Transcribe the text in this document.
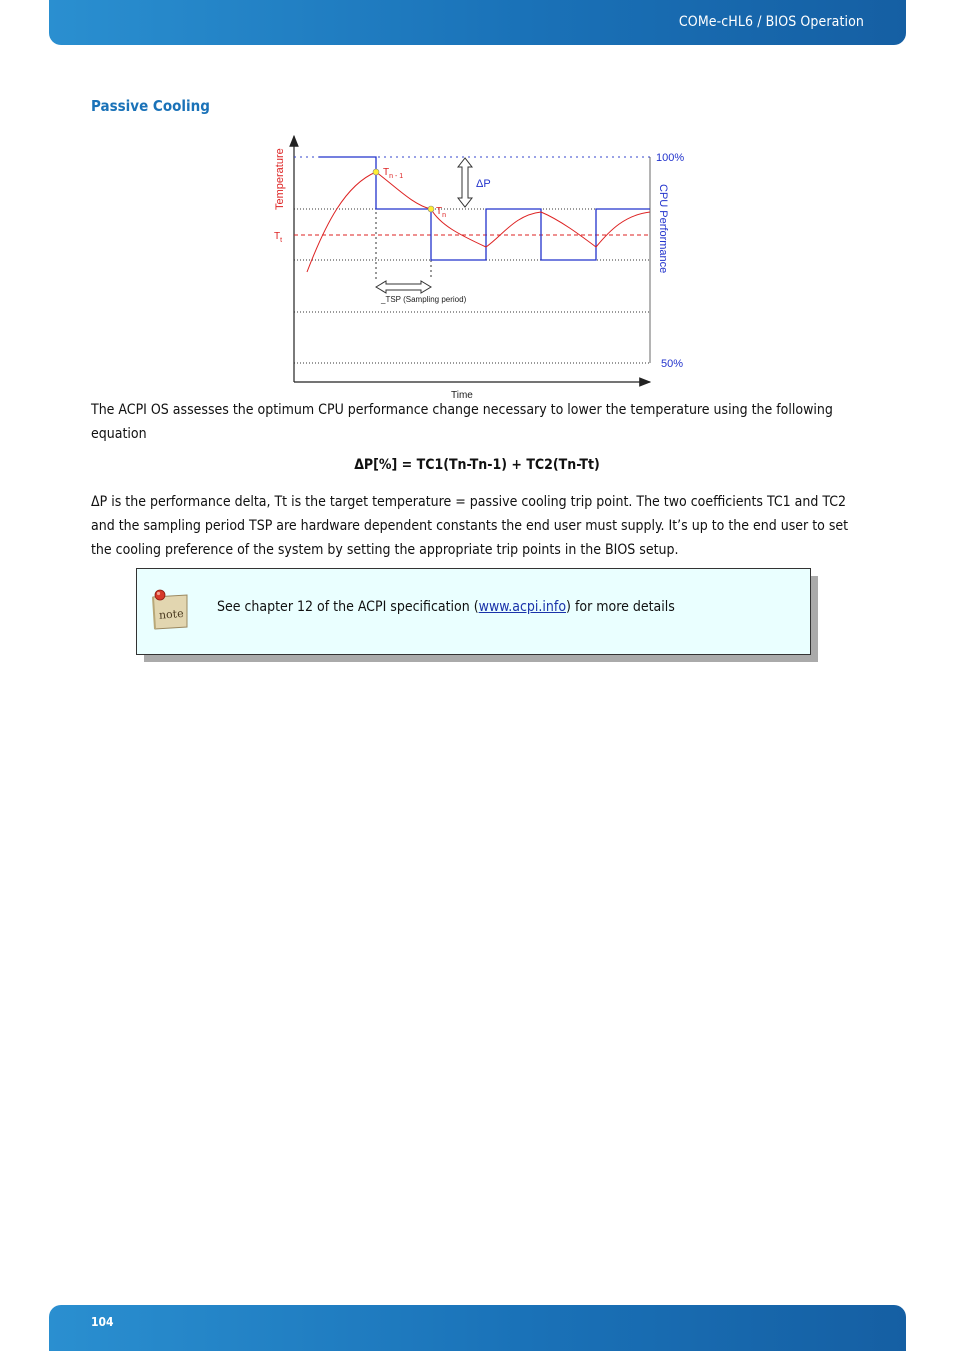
COMe-cHL6 / BIOS Operation
Passive Cooling
Temperature
CPU Performance
Time
100%
50%
$T_{n - 1}$
$T_n$
$T_t$
ΔP
_TSP (Sampling period)

The ACPI OS assesses the optimum CPU performance change necessary to lower the temperature using the following equation

ΔP[%] = TC1(Tn-Tn-1) + TC2(Tn-Tt)

ΔP is the performance delta, Tt is the target temperature = passive cooling trip point. The two coefficients TC1 and TC2 and the sampling period TSP are hardware dependent constants the end user must supply. It’s up to the end user to set the cooling preference of the system by setting the appropriate trip points in the BIOS setup.

note See chapter 12 of the ACPI specification (www.acpi.info) for more details
104
